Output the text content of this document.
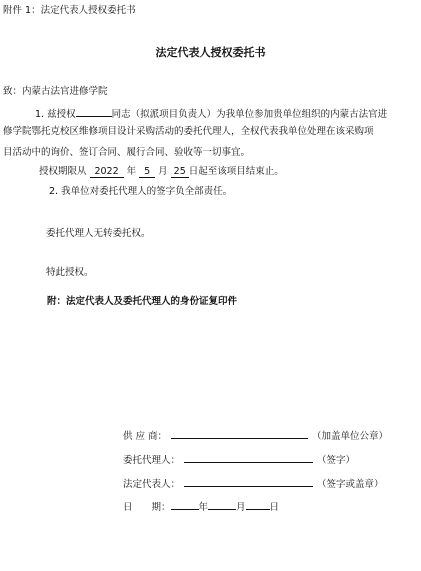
附件 1：法定代表人授权委托书
法定代表人授权委托书
致：内蒙古法官进修学院
1. 兹授权	同志（拟派项目负责人）为我单位参加贵单位组织的内蒙古法官进
修学院鄂托克校区维修项目设计采购活动的委托代理人，全权代表我单位处理在该采购项
目活动中的询价、签订合同、履行合同、验收等一切事宜。
授权期限从 2022 年 5 月 25 日起至该项目结束止。
2. 我单位对委托代理人的签字负全部责任。
委托代理人无转委托权。
特此授权。
附：法定代表人及委托代理人的身份证复印件
供 应 商：	（加盖单位公章）
委托代理人：	（签字）
法定代表人：	（签字或盖章）
日　　期：	年	月	日
